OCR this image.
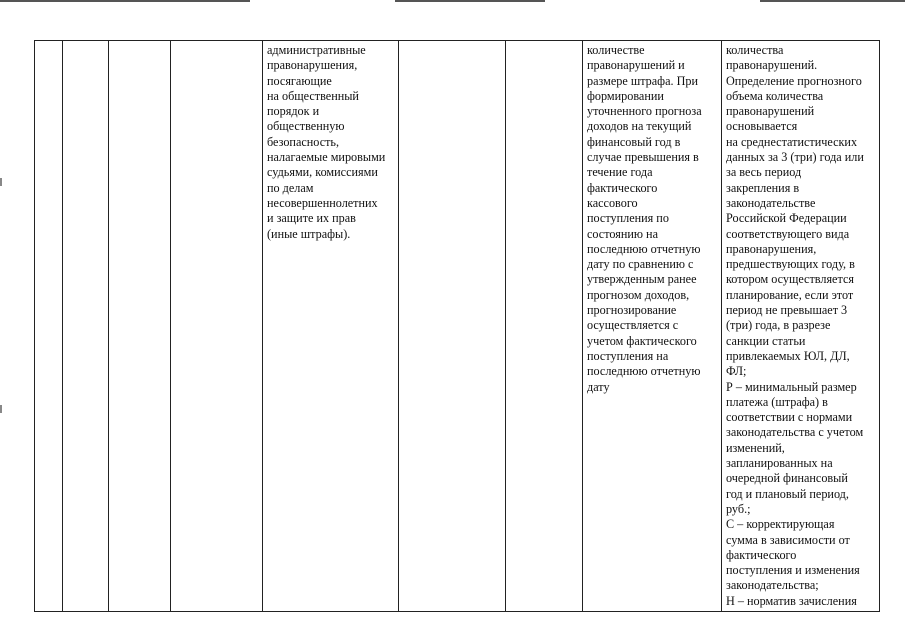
административные
правонарушения,
посягающие
на общественный
порядок и
общественную
безопасность,
налагаемые мировыми
судьями, комиссиями
по делам
несовершеннолетних
и защите их прав
(иные штрафы).

количестве
правонарушений и
размере штрафа. При
формировании
уточненного прогноза
доходов на текущий
финансовый год в
случае превышения в
течение года
фактического
кассового
поступления по
состоянию на
последнюю отчетную
дату по сравнению с
утвержденным ранее
прогнозом доходов,
прогнозирование
осуществляется с
учетом фактического
поступления на
последнюю отчетную
дату

количества
правонарушений.
Определение прогнозного
объема количества
правонарушений
основывается
на среднестатистических
данных за 3 (три) года или
за весь период
закрепления в
законодательстве
Российской Федерации
соответствующего вида
правонарушения,
предшествующих году, в
котором осуществляется
планирование, если этот
период не превышает 3
(три) года, в разрезе
санкции статьи
привлекаемых ЮЛ, ДЛ,
ФЛ;
Р – минимальный размер
платежа (штрафа) в
соответствии с нормами
законодательства с учетом
изменений,
запланированных на
очередной финансовый
год и плановый период,
руб.;
С – корректирующая
сумма в зависимости от
фактического
поступления и изменения
законодательства;
Н – норматив зачисления
